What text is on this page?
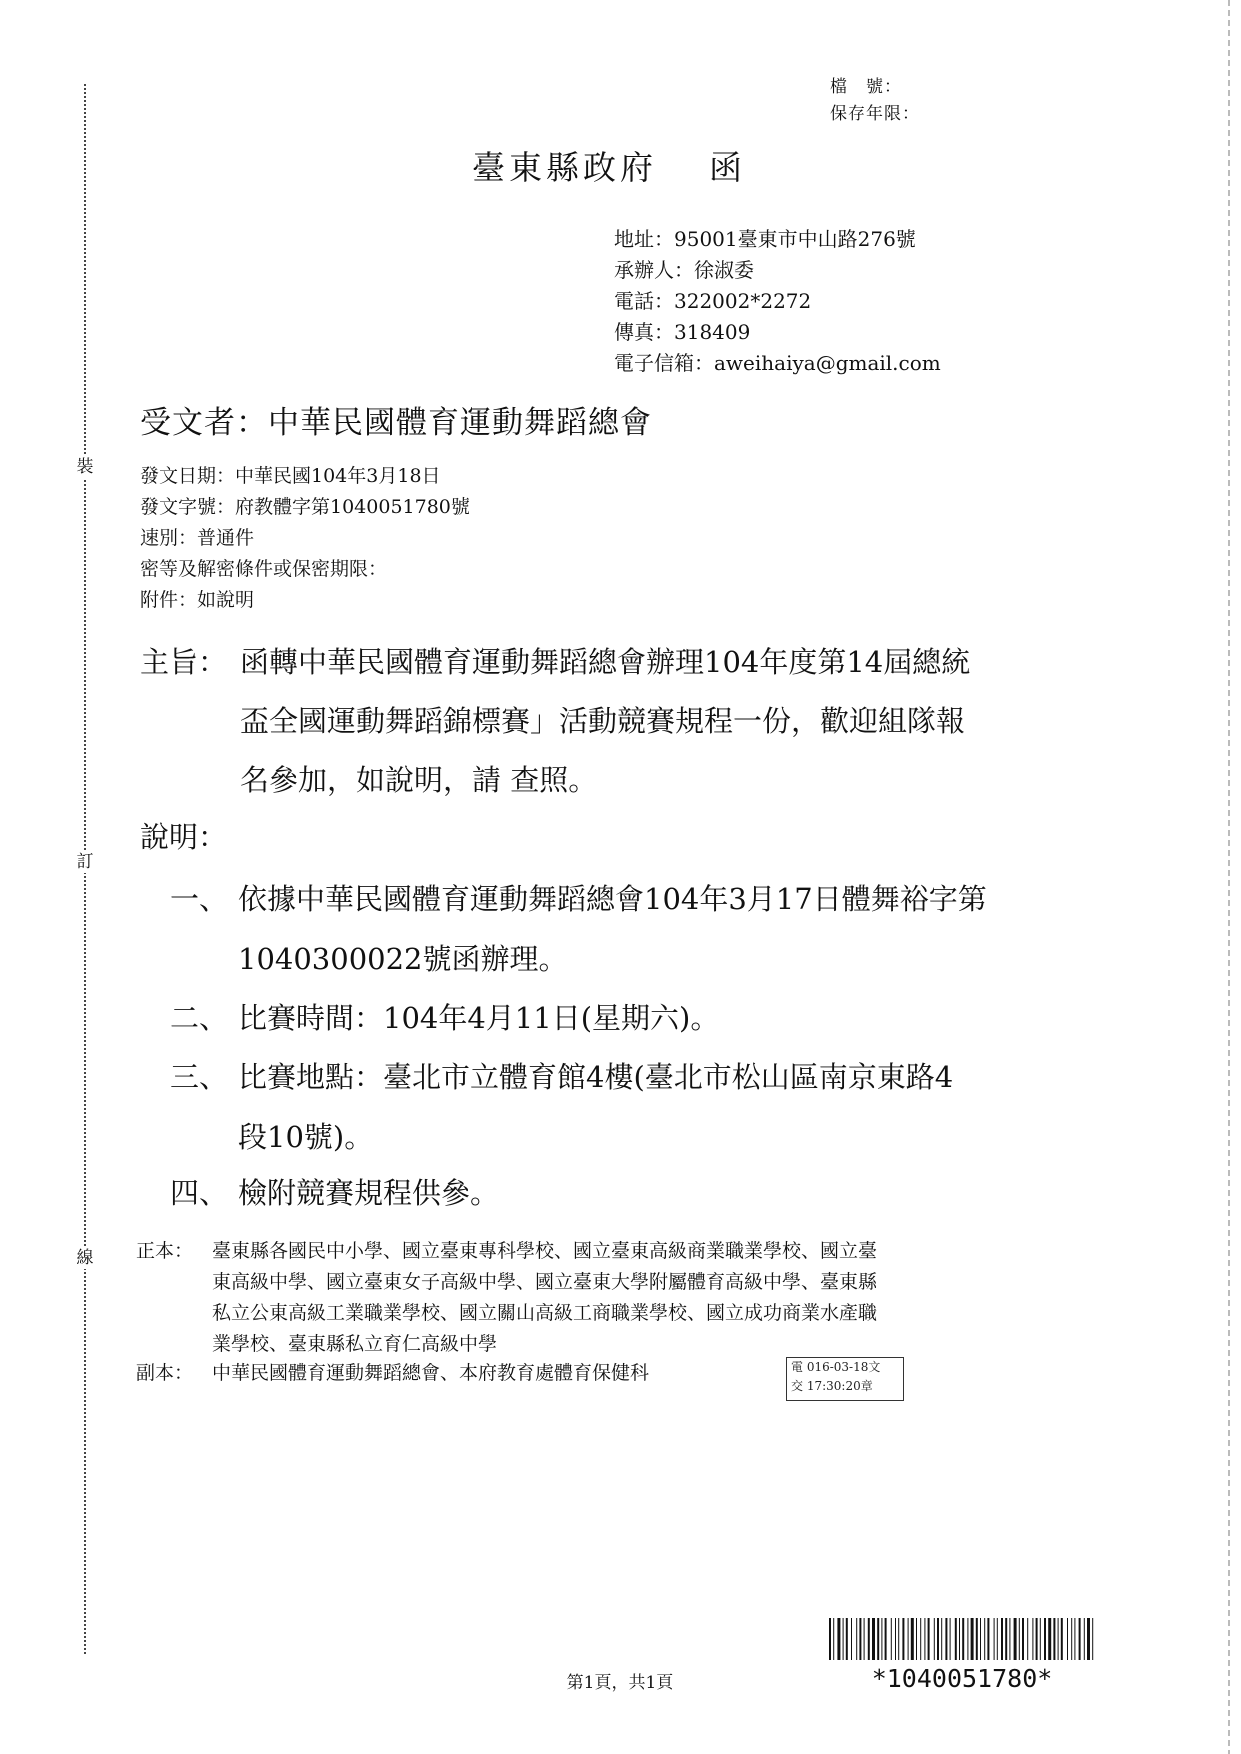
裝
訂
線
檔　號：
保存年限：
臺東縣政府 函
地址：95001臺東市中山路276號
承辦人：徐淑委
電話：322002*2272
傳真：318409
電子信箱：aweihaiya@gmail.com
受文者：中華民國體育運動舞蹈總會
發文日期：中華民國104年3月18日
發文字號：府教體字第1040051780號
速別：普通件
密等及解密條件或保密期限：
附件：如說明
主旨： 函轉中華民國體育運動舞蹈總會辦理104年度第14屆總統
盃全國運動舞蹈錦標賽」活動競賽規程一份，歡迎組隊報
名參加，如說明，請 查照。
說明：
一、 依據中華民國體育運動舞蹈總會104年3月17日體舞裕字第
1040300022號函辦理。
二、 比賽時間：104年4月11日(星期六)。
三、 比賽地點：臺北市立體育館4樓(臺北市松山區南京東路4
段10號)。
四、 檢附競賽規程供參。
正本： 臺東縣各國民中小學、國立臺東專科學校、國立臺東高級商業職業學校、國立臺
東高級中學、國立臺東女子高級中學、國立臺東大學附屬體育高級中學、臺東縣
私立公東高級工業職業學校、國立關山高級工商職業學校、國立成功商業水產職
業學校、臺東縣私立育仁高級中學
副本： 中華民國體育運動舞蹈總會、本府教育處體育保健科	電 016-03-18文
交 17:30:20章
*1040051780*
第1頁，共1頁
